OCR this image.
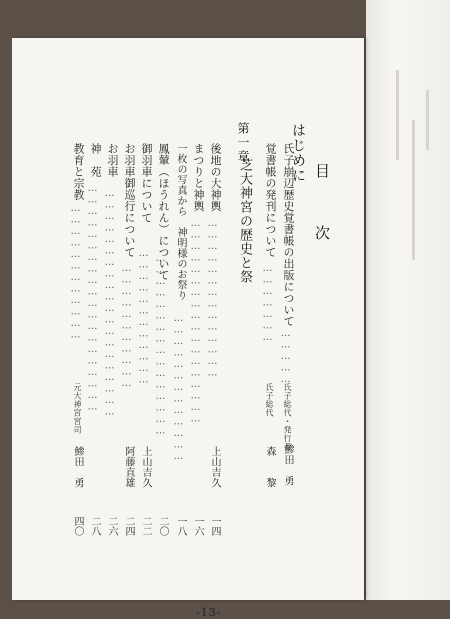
目　次
はじめに
氏子崩辺歴史覚書帳の出版について
……………
氏子総代・発行者
鯵田　勇
覚書帳の発刊について
…………………
氏子総代
森　　黎
第一章
芝大神宮の歴史と祭
後地の大神輿
……………………………………
上山吉久
一四
まつりと神輿
………………………………………………
一六
一枚の写真から　神明様のお祭り
…………………………………
一八
鳳輦（ほうれん）について
…………………………………………
二〇
御羽車について
………………………………
上山吉久
二二
お羽車御巡行について
……………………………
阿藤直雄
二四
お羽車
……………………………………………………
二六
神　苑
……………………………………………………
二八
教育と宗教
………………………………
元大神宮宮司
鯵田　勇
四〇
-13-
